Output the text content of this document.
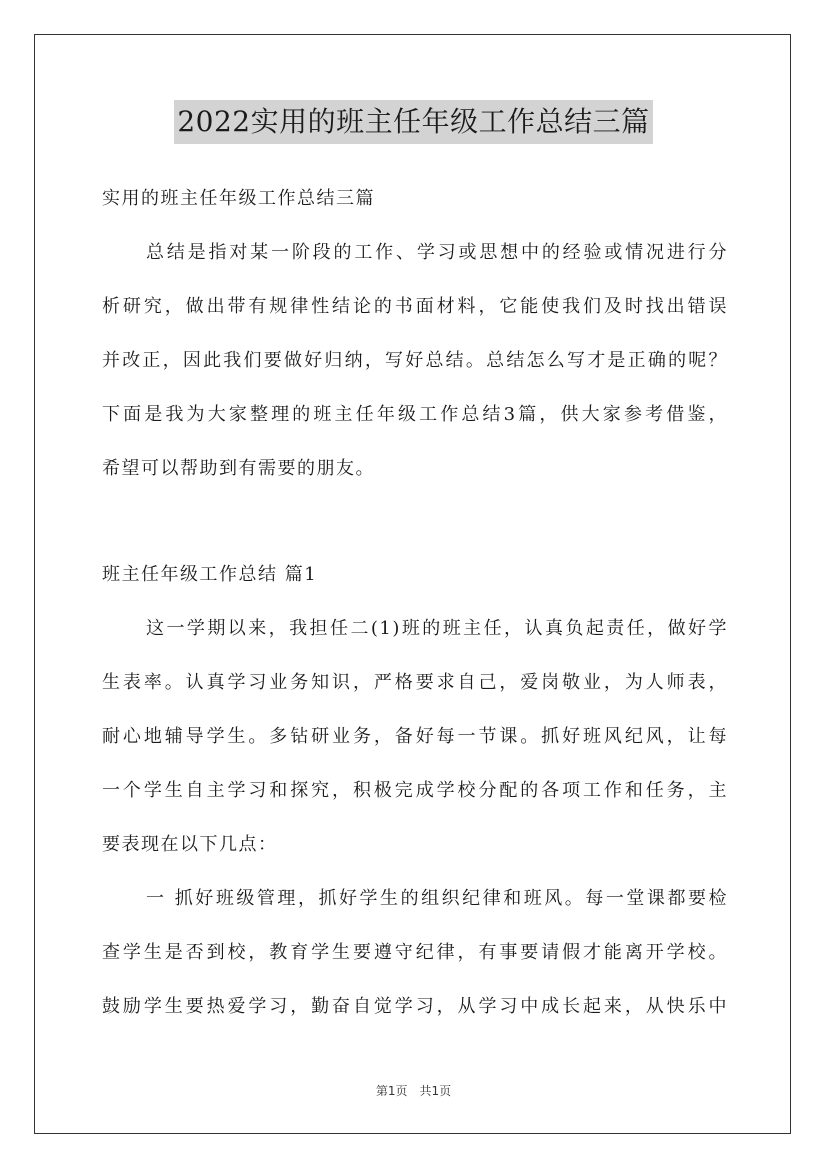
2022实用的班主任年级工作总结三篇
实用的班主任年级工作总结三篇
总结是指对某一阶段的工作、学习或思想中的经验或情况进行分
析研究，做出带有规律性结论的书面材料，它能使我们及时找出错误
并改正，因此我们要做好归纳，写好总结。总结怎么写才是正确的呢？
下面是我为大家整理的班主任年级工作总结3篇，供大家参考借鉴，
希望可以帮助到有需要的朋友。
班主任年级工作总结 篇1
这一学期以来，我担任二(1)班的班主任，认真负起责任，做好学
生表率。认真学习业务知识，严格要求自己，爱岗敬业，为人师表，
耐心地辅导学生。多钻研业务，备好每一节课。抓好班风纪风，让每
一个学生自主学习和探究，积极完成学校分配的各项工作和任务，主
要表现在以下几点：
一 抓好班级管理，抓好学生的组织纪律和班风。每一堂课都要检
查学生是否到校，教育学生要遵守纪律，有事要请假才能离开学校。
鼓励学生要热爱学习，勤奋自觉学习，从学习中成长起来，从快乐中
第1页　共1页
